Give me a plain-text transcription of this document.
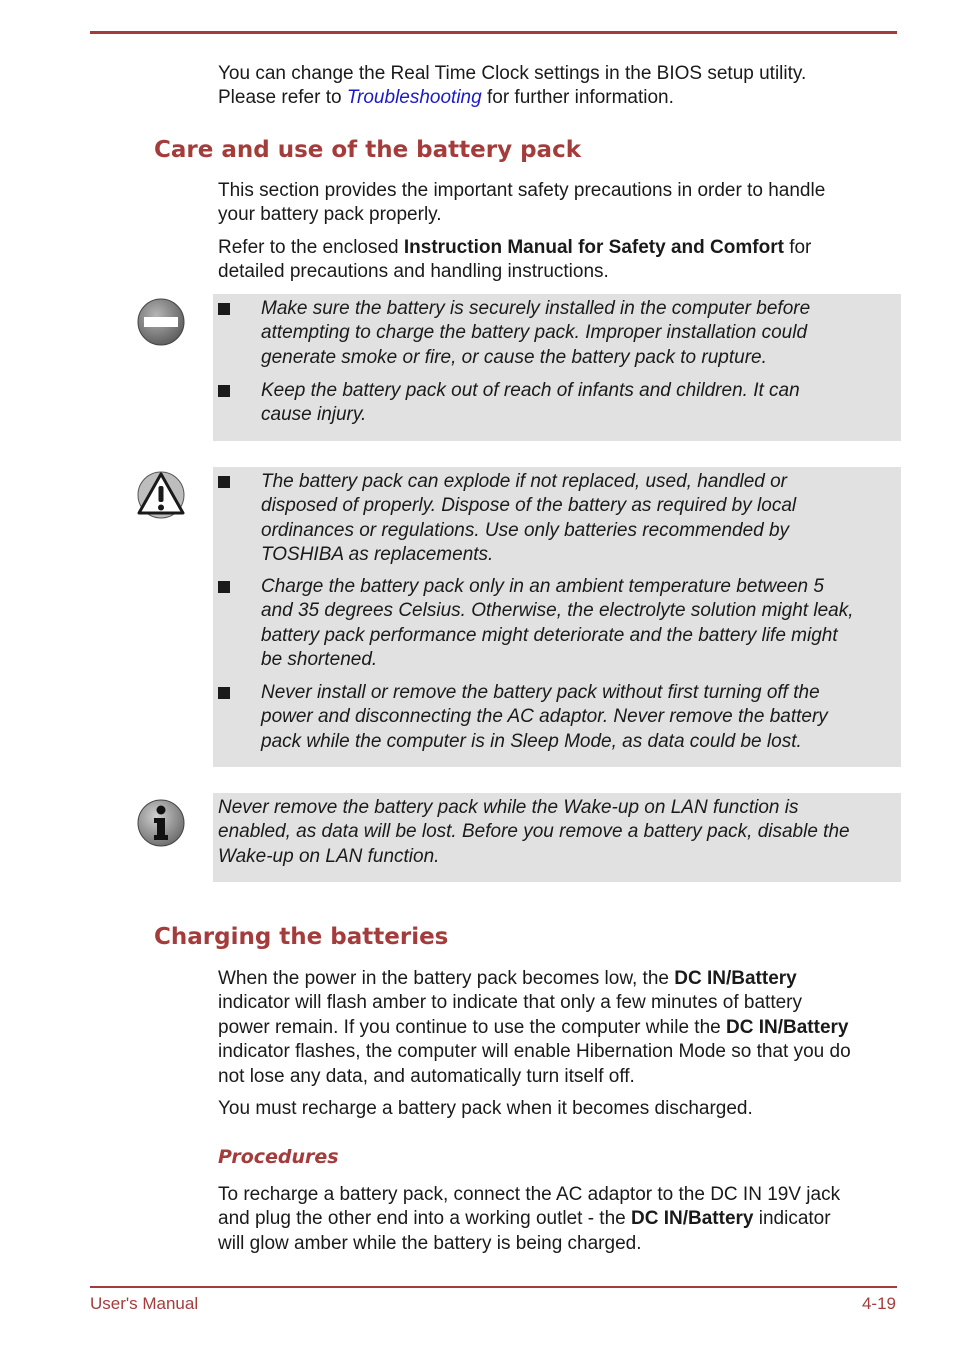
You can change the Real Time Clock settings in the BIOS setup utility.
Please refer to Troubleshooting for further information.

Care and use of the battery pack

This section provides the important safety precautions in order to handle
your battery pack properly.

Refer to the enclosed Instruction Manual for Safety and Comfort for
detailed precautions and handling instructions.

Make sure the battery is securely installed in the computer before
attempting to charge the battery pack. Improper installation could
generate smoke or fire, or cause the battery pack to rupture.

Keep the battery pack out of reach of infants and children. It can
cause injury.

The battery pack can explode if not replaced, used, handled or
disposed of properly. Dispose of the battery as required by local
ordinances or regulations. Use only batteries recommended by
TOSHIBA as replacements.

Charge the battery pack only in an ambient temperature between 5
and 35 degrees Celsius. Otherwise, the electrolyte solution might leak,
battery pack performance might deteriorate and the battery life might
be shortened.

Never install or remove the battery pack without first turning off the
power and disconnecting the AC adaptor. Never remove the battery
pack while the computer is in Sleep Mode, as data could be lost.

Never remove the battery pack while the Wake-up on LAN function is
enabled, as data will be lost. Before you remove a battery pack, disable the
Wake-up on LAN function.

Charging the batteries

When the power in the battery pack becomes low, the DC IN/Battery
indicator will flash amber to indicate that only a few minutes of battery
power remain. If you continue to use the computer while the DC IN/Battery
indicator flashes, the computer will enable Hibernation Mode so that you do
not lose any data, and automatically turn itself off.

You must recharge a battery pack when it becomes discharged.

Procedures

To recharge a battery pack, connect the AC adaptor to the DC IN 19V jack
and plug the other end into a working outlet - the DC IN/Battery indicator
will glow amber while the battery is being charged.

User's Manual	4-19
